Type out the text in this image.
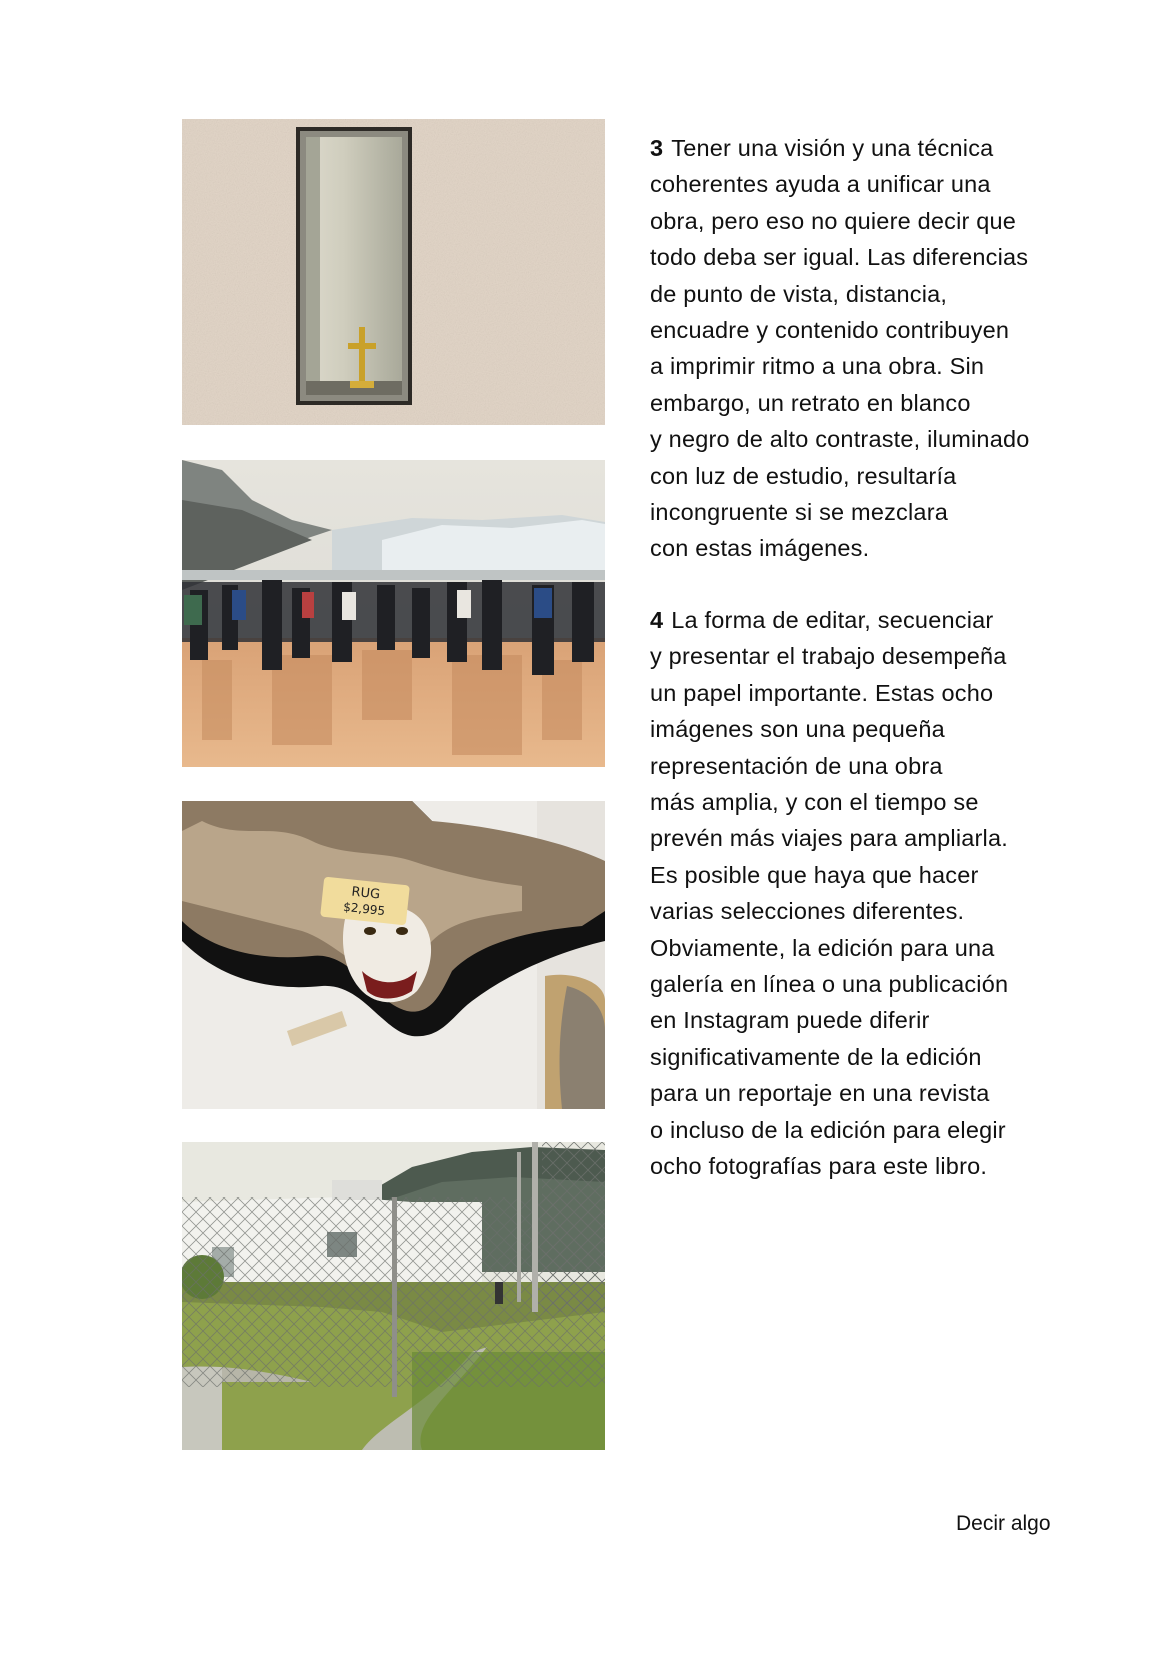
RUG
$2,995
3 Tener una visión y una técnica
coherentes ayuda a unificar una
obra, pero eso no quiere decir que
todo deba ser igual. Las diferencias
de punto de vista, distancia,
encuadre y contenido contribuyen
a imprimir ritmo a una obra. Sin
embargo, un retrato en blanco
y negro de alto contraste, iluminado
con luz de estudio, resultaría
incongruente si se mezclara
con estas imágenes.
4 La forma de editar, secuenciar
y presentar el trabajo desempeña
un papel importante. Estas ocho
imágenes son una pequeña
representación de una obra
más amplia, y con el tiempo se
prevén más viajes para ampliarla.
Es posible que haya que hacer
varias selecciones diferentes.
Obviamente, la edición para una
galería en línea o una publicación
en Instagram puede diferir
significativamente de la edición
para un reportaje en una revista
o incluso de la edición para elegir
ocho fotografías para este libro.
Decir algo
